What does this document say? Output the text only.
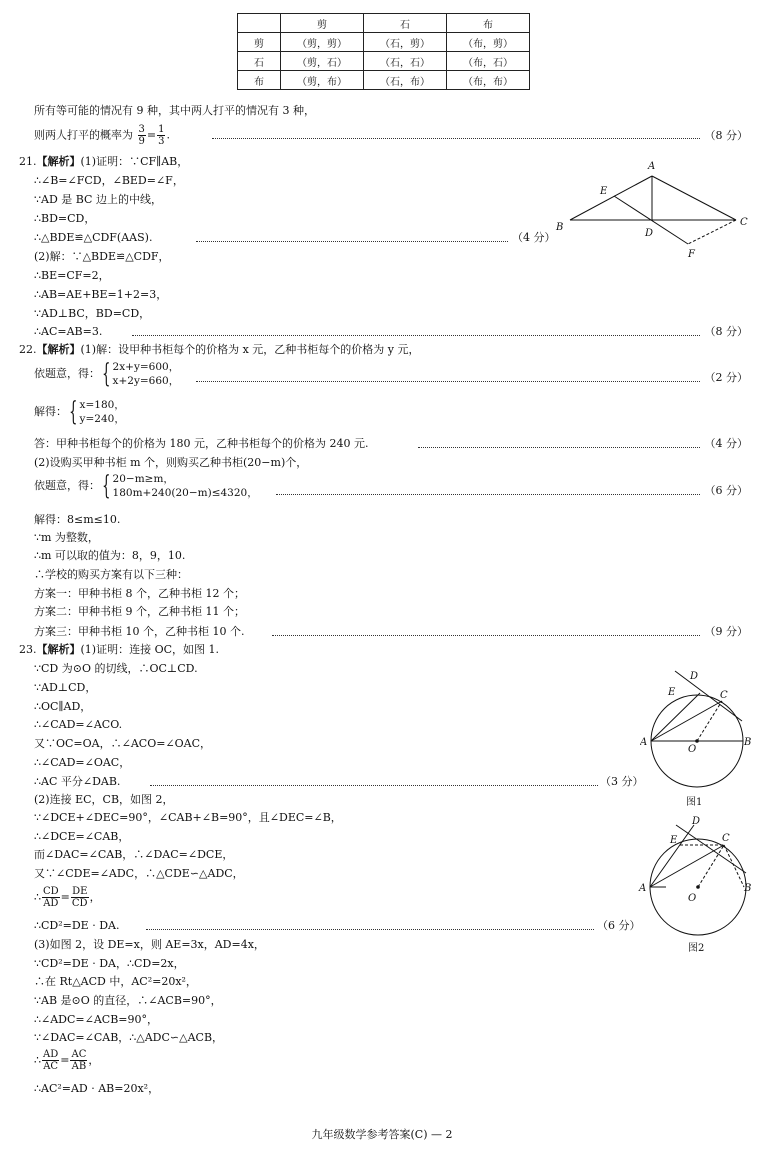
	剪	石	布
剪	（剪，剪）	（石，剪）	（布，剪）
石	（剪，石）	（石，石）	（布，石）
布	（剪，布）	（石，布）	（布，布）
所有等可能的情况有 9 种，其中两人打平的情况有 3 种，
则两人打平的概率为 $\frac{3}{9} = \frac{1}{3}$ .	（8 分）
21.【解析】(1)证明：∵CF∥AB，
∴∠B=∠FCD，∠BED=∠F，
∵AD 是 BC 边上的中线，
∴BD=CD，
∴△BDE≌△CDF(AAS).	（4 分）
(2)解：∵△BDE≌△CDF，
∴BE=CF=2，
∴AB=AE+BE=1+2=3，
∵AD⊥BC，BD=CD，
∴AC=AB=3.	（8 分）
A
B	C
D
E
F
22.【解析】(1)解：设甲种书柜每个的价格为 x 元，乙种书柜每个的价格为 y 元，
依题意，得：{ 2x+y=600，
x+2y=660，	（2 分）
解得：{ x=180，
y=240，
答：甲种书柜每个的价格为 180 元，乙种书柜每个的价格为 240 元.	（4 分）
(2)设购买甲种书柜 m 个，则购买乙种书柜(20−m)个，
依题意，得：{ 20−m≥m，
180m+240(20−m)≤4320，	（6 分）
解得：8≤m≤10.
∵m 为整数，
∴m 可以取的值为：8，9，10.
∴学校的购买方案有以下三种：
方案一：甲种书柜 8 个，乙种书柜 12 个；
方案二：甲种书柜 9 个，乙种书柜 11 个；
方案三：甲种书柜 10 个，乙种书柜 10 个.	（9 分）
23.【解析】(1)证明：连接 OC，如图 1.
∵CD 为⊙O 的切线，∴OC⊥CD.
∵AD⊥CD，
∴OC∥AD，
∴∠CAD=∠ACO.
又∵OC=OA，∴∠ACO=∠OAC，
∴∠CAD=∠OAC，
∴AC 平分∠DAB.	（3 分）
(2)连接 EC，CB，如图 2，
∵∠DCE+∠DEC=90°，∠CAB+∠B=90°，且∠DEC=∠B，
∴∠DCE=∠CAB，
而∠DAC=∠CAB，∴∠DAC=∠DCE，
又∵∠CDE=∠ADC，∴△CDE∽△ADC，
∴ $\frac{CD}{AD} = \frac{DE}{CD}$ ，
∴CD²=DE · DA.	（6 分）
(3)如图 2，设 DE=x，则 AE=3x，AD=4x，
∵CD²=DE · DA，∴CD=2x，
∴在 Rt△ACD 中，AC²=20x²，
∵AB 是⊙O 的直径，∴∠ACB=90°，
∴∠ADC=∠ACB=90°，
∵∠DAC=∠CAB，∴△ADC∽△ACB，
∴ $\frac{AD}{AC} = \frac{AC}{AB}$ ，
∴AC²=AD · AB=20x²，
A	B
C
D
E
O
图1
A	B
C
D
E
O
图2
九年级数学参考答案(C) — 2
